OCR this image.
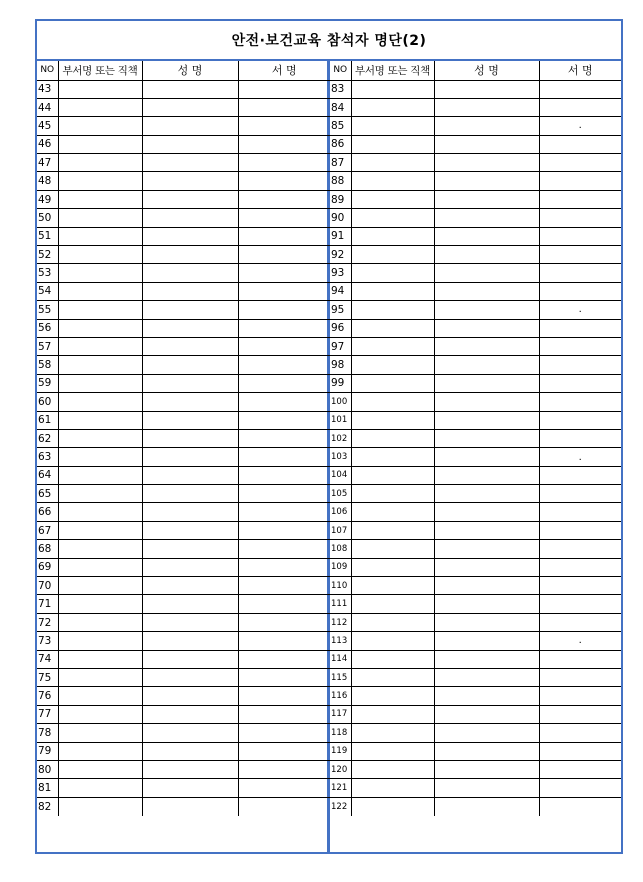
안전·보건교육 참석자 명단(2)
NO	부서명 또는 직책	성 명	서 명
43			
44			
45			
46			
47			
48			
49			
50			
51			
52			
53			
54			
55			
56			
57			
58			
59			
60			
61			
62			
63			
64			
65			
66			
67			
68			
69			
70			
71			
72			
73			
74			
75			
76			
77			
78			
79			
80			
81			
82			
NO	부서명 또는 직책	성 명	서 명
83			
84			
85			.
86			
87			
88			
89			
90			
91			
92			
93			
94			
95			.
96			
97			
98			
99			
100			
101			
102			
103			.
104			
105			
106			
107			
108			
109			
110			
111			
112			
113			.
114			
115			
116			
117			
118			
119			
120			
121			
122			
